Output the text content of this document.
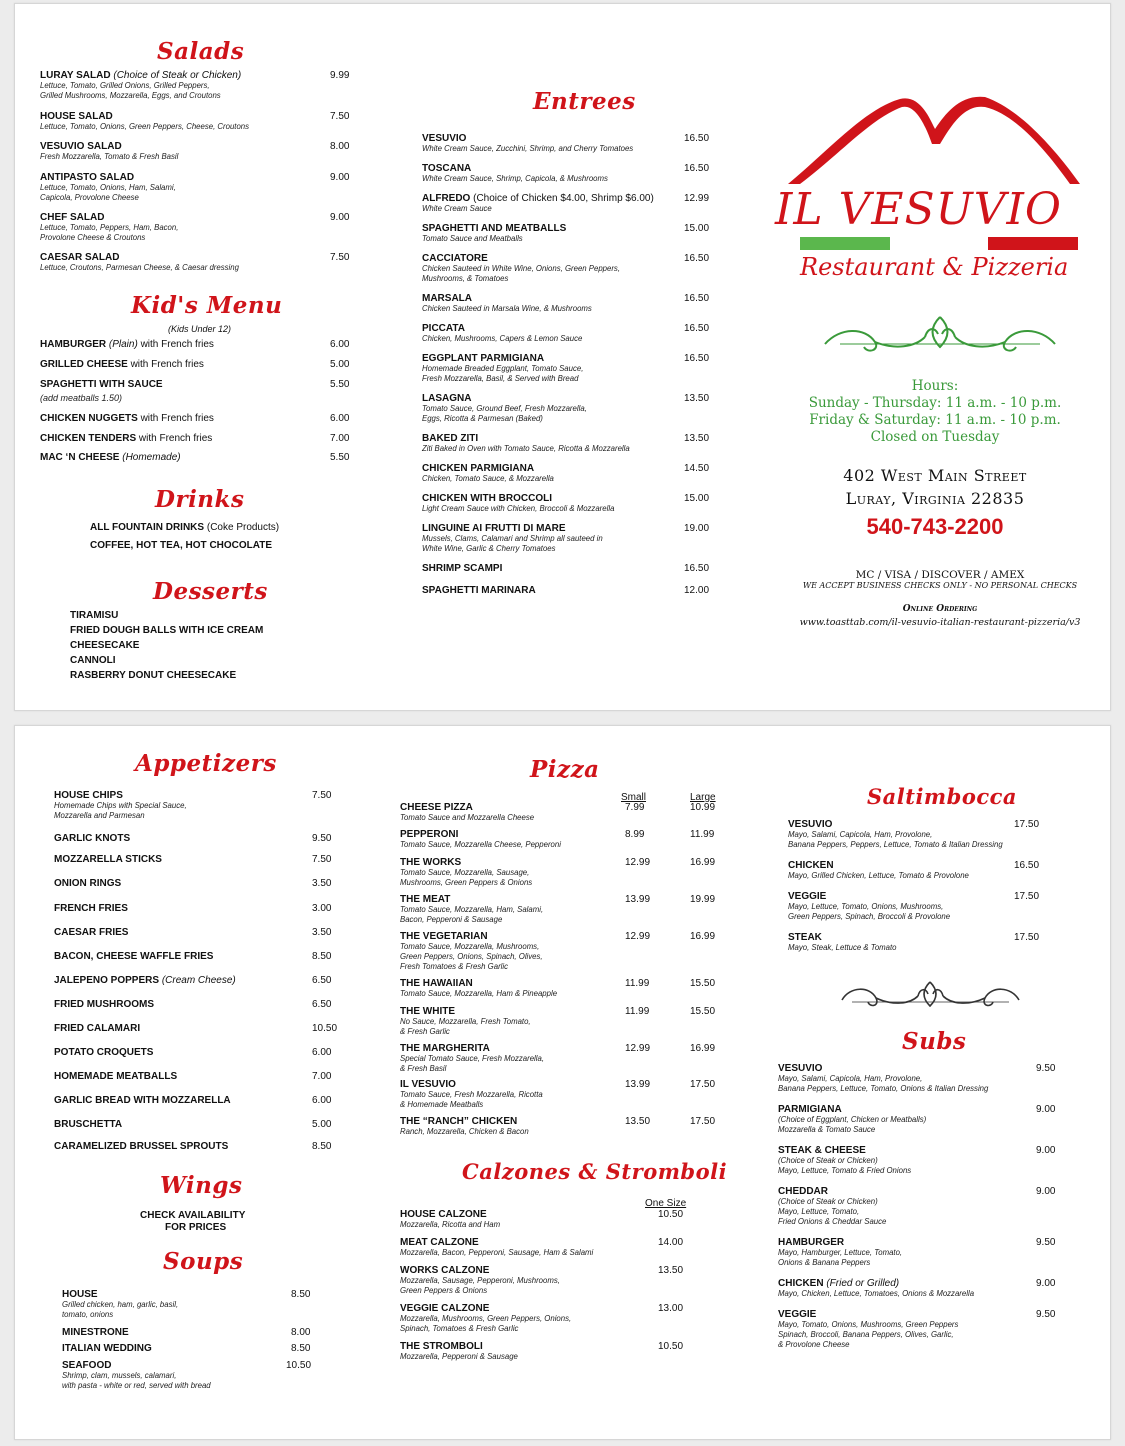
Salads
LURAY SALAD (Choice of Steak or Chicken)
Lettuce, Tomato, Grilled Onions, Grilled Peppers,
Grilled Mushrooms, Mozzarella, Eggs, and Croutons
9.99
HOUSE SALAD
Lettuce, Tomato, Onions, Green Peppers, Cheese, Croutons
7.50
VESUVIO SALAD
Fresh Mozzarella, Tomato & Fresh Basil
8.00
ANTIPASTO SALAD
Lettuce, Tomato, Onions, Ham, Salami,
Capicola, Provolone Cheese
9.00
CHEF SALAD
Lettuce, Tomato, Peppers, Ham, Bacon,
Provolone Cheese & Croutons
9.00
CAESAR SALAD
Lettuce, Croutons, Parmesan Cheese, & Caesar dressing
7.50
Kid's Menu
(Kids Under 12)
HAMBURGER (Plain) with French fries	6.00
GRILLED CHEESE with French fries	5.00
SPAGHETTI WITH SAUCE
(add meatballs 1.50)
5.50
CHICKEN NUGGETS with French fries	6.00
CHICKEN TENDERS with French fries	7.00
MAC ‘N CHEESE (Homemade)	5.50
Drinks
ALL FOUNTAIN DRINKS (Coke Products)
COFFEE, HOT TEA, HOT CHOCOLATE
Desserts
TIRAMISU
FRIED DOUGH BALLS WITH ICE CREAM
CHEESECAKE
CANNOLI
RASBERRY DONUT CHEESECAKE
Entrees
VESUVIO
White Cream Sauce, Zucchini, Shrimp, and Cherry Tomatoes
16.50
TOSCANA
White Cream Sauce, Shrimp, Capicola, & Mushrooms
16.50
ALFREDO (Choice of Chicken $4.00, Shrimp $6.00)
White Cream Sauce
12.99
SPAGHETTI AND MEATBALLS
Tomato Sauce and Meatballs
15.00
CACCIATORE
Chicken Sauteed in White Wine, Onions, Green Peppers,
Mushrooms, & Tomatoes
16.50
MARSALA
Chicken Sauteed in Marsala Wine, & Mushrooms
16.50
PICCATA
Chicken, Mushrooms, Capers & Lemon Sauce
16.50
EGGPLANT PARMIGIANA
Homemade Breaded Eggplant, Tomato Sauce,
Fresh Mozzarella, Basil, & Served with Bread
16.50
LASAGNA
Tomato Sauce, Ground Beef, Fresh Mozzarella,
Eggs, Ricotta & Parmesan (Baked)
13.50
BAKED ZITI
Ziti Baked in Oven with Tomato Sauce, Ricotta & Mozzarella
13.50
CHICKEN PARMIGIANA
Chicken, Tomato Sauce, & Mozzarella
14.50
CHICKEN WITH BROCCOLI
Light Cream Sauce with Chicken, Broccoli & Mozzarella
15.00
LINGUINE AI FRUTTI DI MARE
Mussels, Clams, Calamari and Shrimp all sauteed in
White Wine, Garlic & Cherry Tomatoes
19.00
SHRIMP SCAMPI	16.50
SPAGHETTI MARINARA	12.00
IL VESUVIO
Restaurant & Pizzeria
Hours:
Sunday - Thursday: 11 a.m. - 10 p.m.
Friday & Saturday: 11 a.m. - 10 p.m.
Closed on Tuesday
402 West Main Street
Luray, Virginia 22835
540-743-2200
MC / VISA / DISCOVER / AMEX
WE ACCEPT BUSINESS CHECKS ONLY - NO PERSONAL CHECKS
Online Ordering
www.toasttab.com/il-vesuvio-italian-restaurant-pizzeria/v3
Appetizers
HOUSE CHIPS
Homemade Chips with Special Sauce,
Mozzarella and Parmesan
7.50
GARLIC KNOTS	9.50
MOZZARELLA STICKS	7.50
ONION RINGS	3.50
FRENCH FRIES	3.00
CAESAR FRIES	3.50
BACON, CHEESE WAFFLE FRIES	8.50
JALEPENO POPPERS (Cream Cheese)	6.50
FRIED MUSHROOMS	6.50
FRIED CALAMARI	10.50
POTATO CROQUETS	6.00
HOMEMADE MEATBALLS	7.00
GARLIC BREAD WITH MOZZARELLA	6.00
BRUSCHETTA	5.00
CARAMELIZED BRUSSEL SPROUTS	8.50
Wings
CHECK AVAILABILITY
FOR PRICES
Soups
HOUSE
Grilled chicken, ham, garlic, basil,
tomato, onions
8.50
MINESTRONE	8.00
ITALIAN WEDDING	8.50
SEAFOOD
Shrimp, clam, mussels, calamari,
with pasta - white or red, served with bread
10.50
Pizza
Small	Large
CHEESE PIZZA
Tomato Sauce and Mozzarella Cheese
7.99	10.99
PEPPERONI
Tomato Sauce, Mozzarella Cheese, Pepperoni
8.99	11.99
THE WORKS
Tomato Sauce, Mozzarella, Sausage,
Mushrooms, Green Peppers & Onions
12.99	16.99
THE MEAT
Tomato Sauce, Mozzarella, Ham, Salami,
Bacon, Pepperoni & Sausage
13.99	19.99
THE VEGETARIAN
Tomato Sauce, Mozzarella, Mushrooms,
Green Peppers, Onions, Spinach, Olives,
Fresh Tomatoes & Fresh Garlic
12.99	16.99
THE HAWAIIAN
Tomato Sauce, Mozzarella, Ham & Pineapple
11.99	15.50
THE WHITE
No Sauce, Mozzarella, Fresh Tomato,
& Fresh Garlic
11.99	15.50
THE MARGHERITA
Special Tomato Sauce, Fresh Mozzarella,
& Fresh Basil
12.99	16.99
IL VESUVIO
Tomato Sauce, Fresh Mozzarella, Ricotta
& Homemade Meatballs
13.99	17.50
THE “RANCH” CHICKEN
Ranch, Mozzarella, Chicken & Bacon
13.50	17.50
Calzones & Stromboli
One Size
HOUSE CALZONE
Mozzarella, Ricotta and Ham
10.50
MEAT CALZONE
Mozzarella, Bacon, Pepperoni, Sausage, Ham & Salami
14.00
WORKS CALZONE
Mozzarella, Sausage, Pepperoni, Mushrooms,
Green Peppers & Onions
13.50
VEGGIE CALZONE
Mozzarella, Mushrooms, Green Peppers, Onions,
Spinach, Tomatoes & Fresh Garlic
13.00
THE STROMBOLI
Mozzarella, Pepperoni & Sausage
10.50
Saltimbocca
VESUVIO
Mayo, Salami, Capicola, Ham, Provolone,
Banana Peppers, Peppers, Lettuce, Tomato & Italian Dressing
17.50
CHICKEN
Mayo, Grilled Chicken, Lettuce, Tomato & Provolone
16.50
VEGGIE
Mayo, Lettuce, Tomato, Onions, Mushrooms,
Green Peppers, Spinach, Broccoli & Provolone
17.50
STEAK
Mayo, Steak, Lettuce & Tomato
17.50
Subs
VESUVIO
Mayo, Salami, Capicola, Ham, Provolone,
Banana Peppers, Lettuce, Tomato, Onions & Italian Dressing
9.50
PARMIGIANA
(Choice of Eggplant, Chicken or Meatballs)
Mozzarella & Tomato Sauce
9.00
STEAK & CHEESE
(Choice of Steak or Chicken)
Mayo, Lettuce, Tomato & Fried Onions
9.00
CHEDDAR
(Choice of Steak or Chicken)
Mayo, Lettuce, Tomato,
Fried Onions & Cheddar Sauce
9.00
HAMBURGER
Mayo, Hamburger, Lettuce, Tomato,
Onions & Banana Peppers
9.50
CHICKEN (Fried or Grilled)
Mayo, Chicken, Lettuce, Tomatoes, Onions & Mozzarella
9.00
VEGGIE
Mayo, Tomato, Onions, Mushrooms, Green Peppers
Spinach, Broccoli, Banana Peppers, Olives, Garlic,
& Provolone Cheese
9.50
